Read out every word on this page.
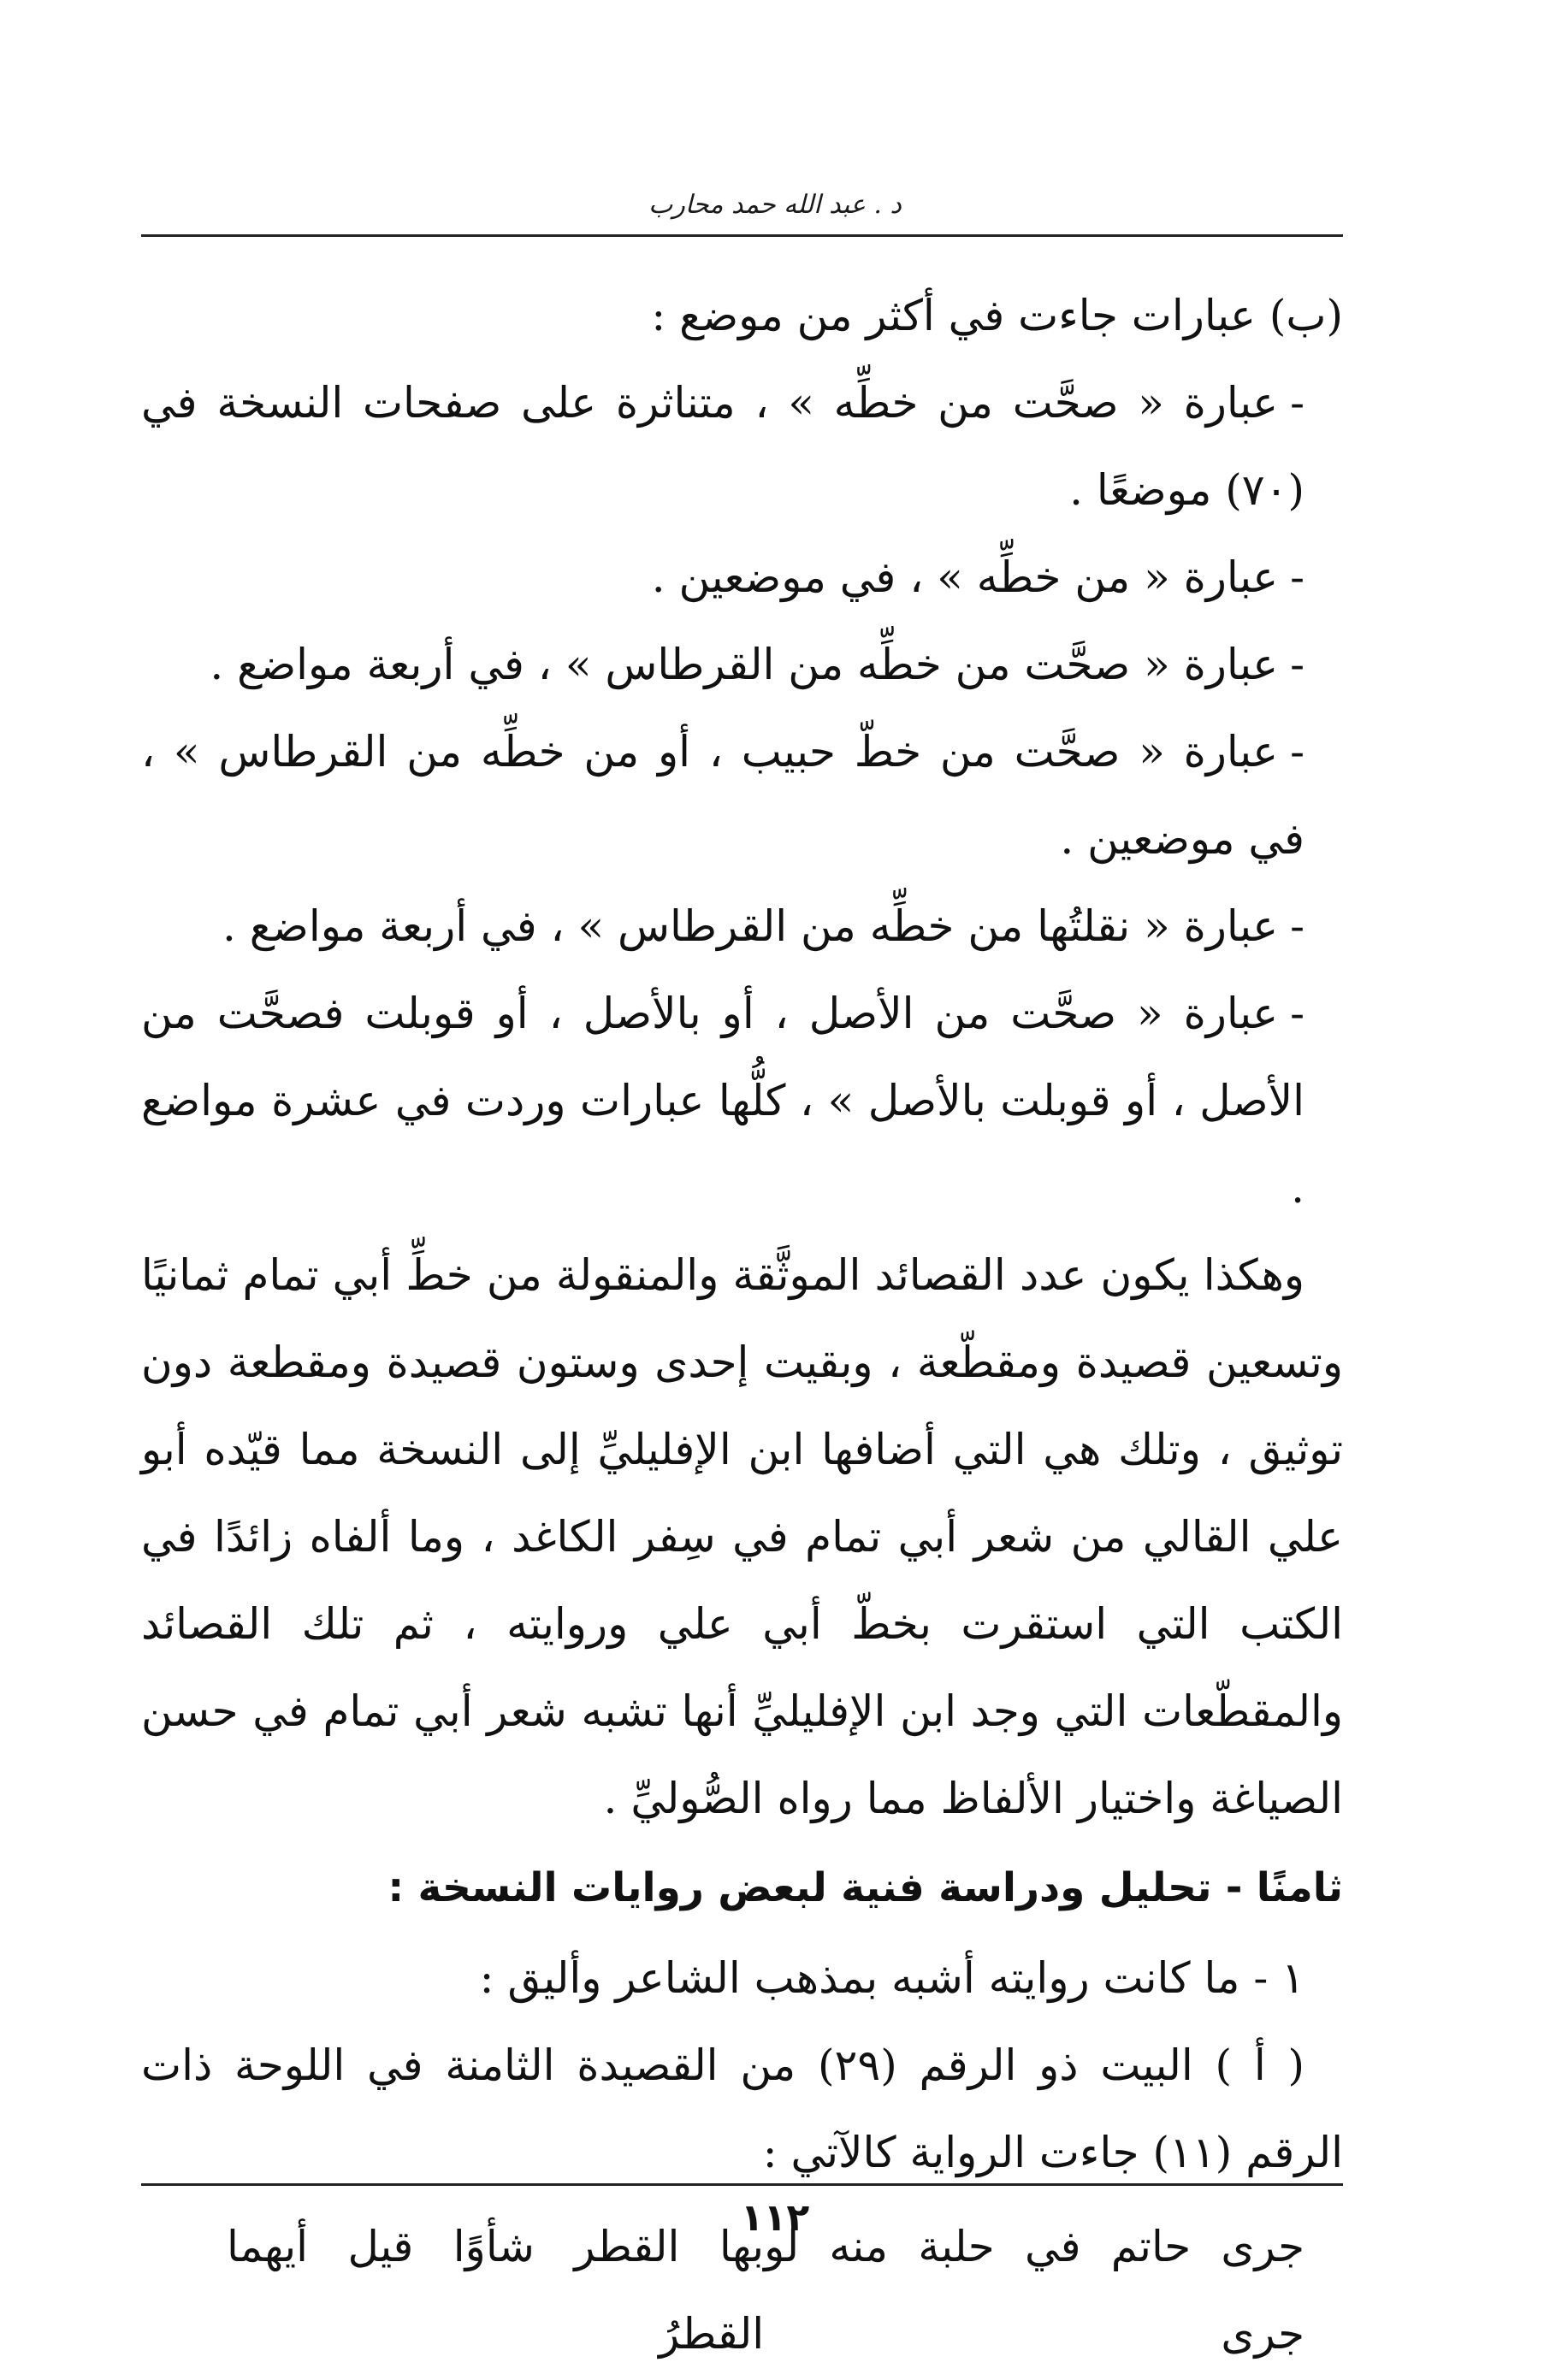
د . عبد الله حمد محارب

(ب) عبارات جاءت في أكثر من موضع :

-عبارة « صحَّت من خطِّه » ، متناثرة على صفحات النسخة في (٧٠) موضعًا .

-عبارة « من خطِّه » ، في موضعين .

-عبارة « صحَّت من خطِّه من القرطاس » ، في أربعة مواضع .

-عبارة « صحَّت من خطّ حبيب ، أو من خطِّه من القرطاس » ، في موضعين .

-عبارة « نقلتُها من خطِّه من القرطاس » ، في أربعة مواضع .

-عبارة « صحَّت من الأصل ، أو بالأصل ، أو قوبلت فصحَّت من الأصل ، أو قوبلت بالأصل » ، كلُّها عبارات وردت في عشرة مواضع .

وهكذا يكون عدد القصائد الموثَّقة والمنقولة من خطِّ أبي تمام ثمانيًا وتسعين قصيدة ومقطّعة ، وبقيت إحدى وستون قصيدة ومقطعة دون توثيق ، وتلك هي التي أضافها ابن الإفليليِّ إلى النسخة مما قيّده أبو علي القالي من شعر أبي تمام في سِفر الكاغد ، وما ألفاه زائدًا في الكتب التي استقرت بخطّ أبي علي وروايته ، ثم تلك القصائد والمقطّعات التي وجد ابن الإفليليِّ أنها تشبه شعر أبي تمام في حسن الصياغة واختيار الألفاظ مما رواه الصُّوليِّ .

ثامنًا - تحليل ودراسة فنية لبعض روايات النسخة :

١ - ما كانت روايته أشبه بمذهب الشاعر وأليق :

( أ ) البيت ذو الرقم (٢٩) من القصيدة الثامنة في اللوحة ذات الرقم (١١) جاءت الرواية كالآتي :

جرى حاتم في حلبة منه لو جرى
بها القطر شأوًا قيل أيهما القطرُ
١١٢
